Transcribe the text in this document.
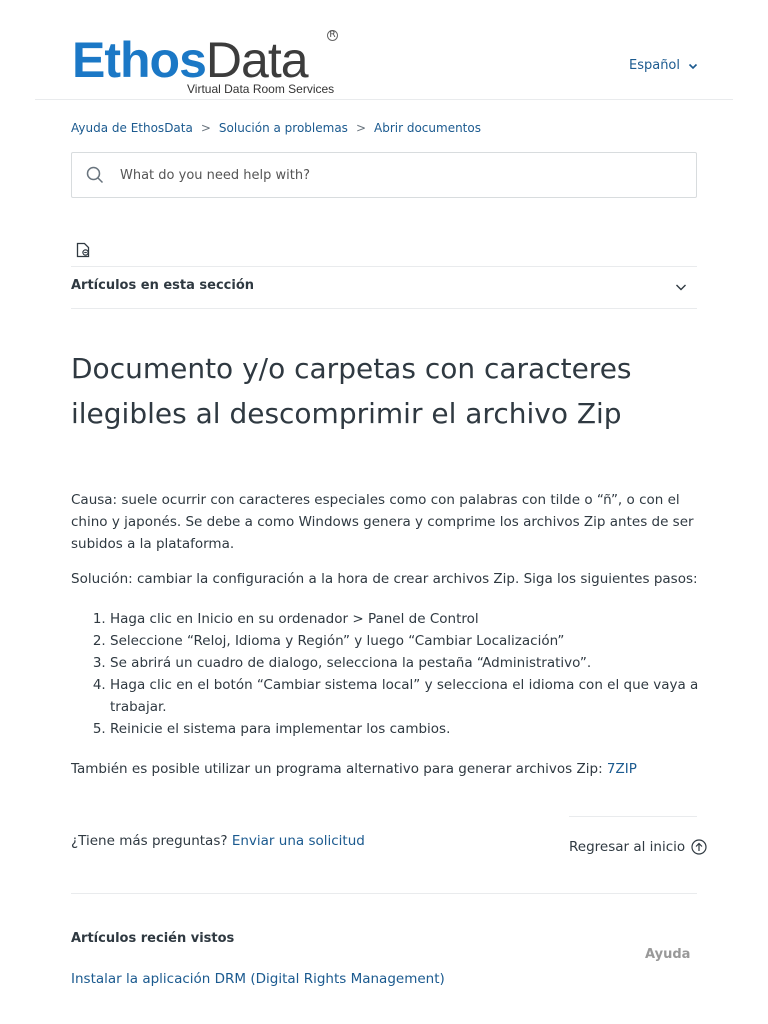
EthosData R
Virtual Data Room Services
Español
Ayuda de EthosData > Solución a problemas > Abrir documentos
What do you need help with?
Artículos en esta sección
Documento y/o carpetas con caracteres ilegibles al descomprimir el archivo Zip

Causa: suele ocurrir con caracteres especiales como con palabras con tilde o “ñ”, o con el chino y japonés. Se debe a como Windows genera y comprime los archivos Zip antes de ser subidos a la plataforma.

Solución: cambiar la configuración a la hora de crear archivos Zip. Siga los siguientes pasos:

1. Haga clic en Inicio en su ordenador > Panel de Control
2. Seleccione “Reloj, Idioma y Región” y luego “Cambiar Localización”
3. Se abrirá un cuadro de dialogo, selecciona la pestaña “Administrativo”.
4. Haga clic en el botón “Cambiar sistema local” y selecciona el idioma con el que vaya a trabajar.
5. Reinicie el sistema para implementar los cambios.

También es posible utilizar un programa alternativo para generar archivos Zip: 7ZIP

¿Tiene más preguntas? Enviar una solicitud	Regresar al inicio
Artículos recién vistos
Ayuda
Instalar la aplicación DRM (Digital Rights Management)
